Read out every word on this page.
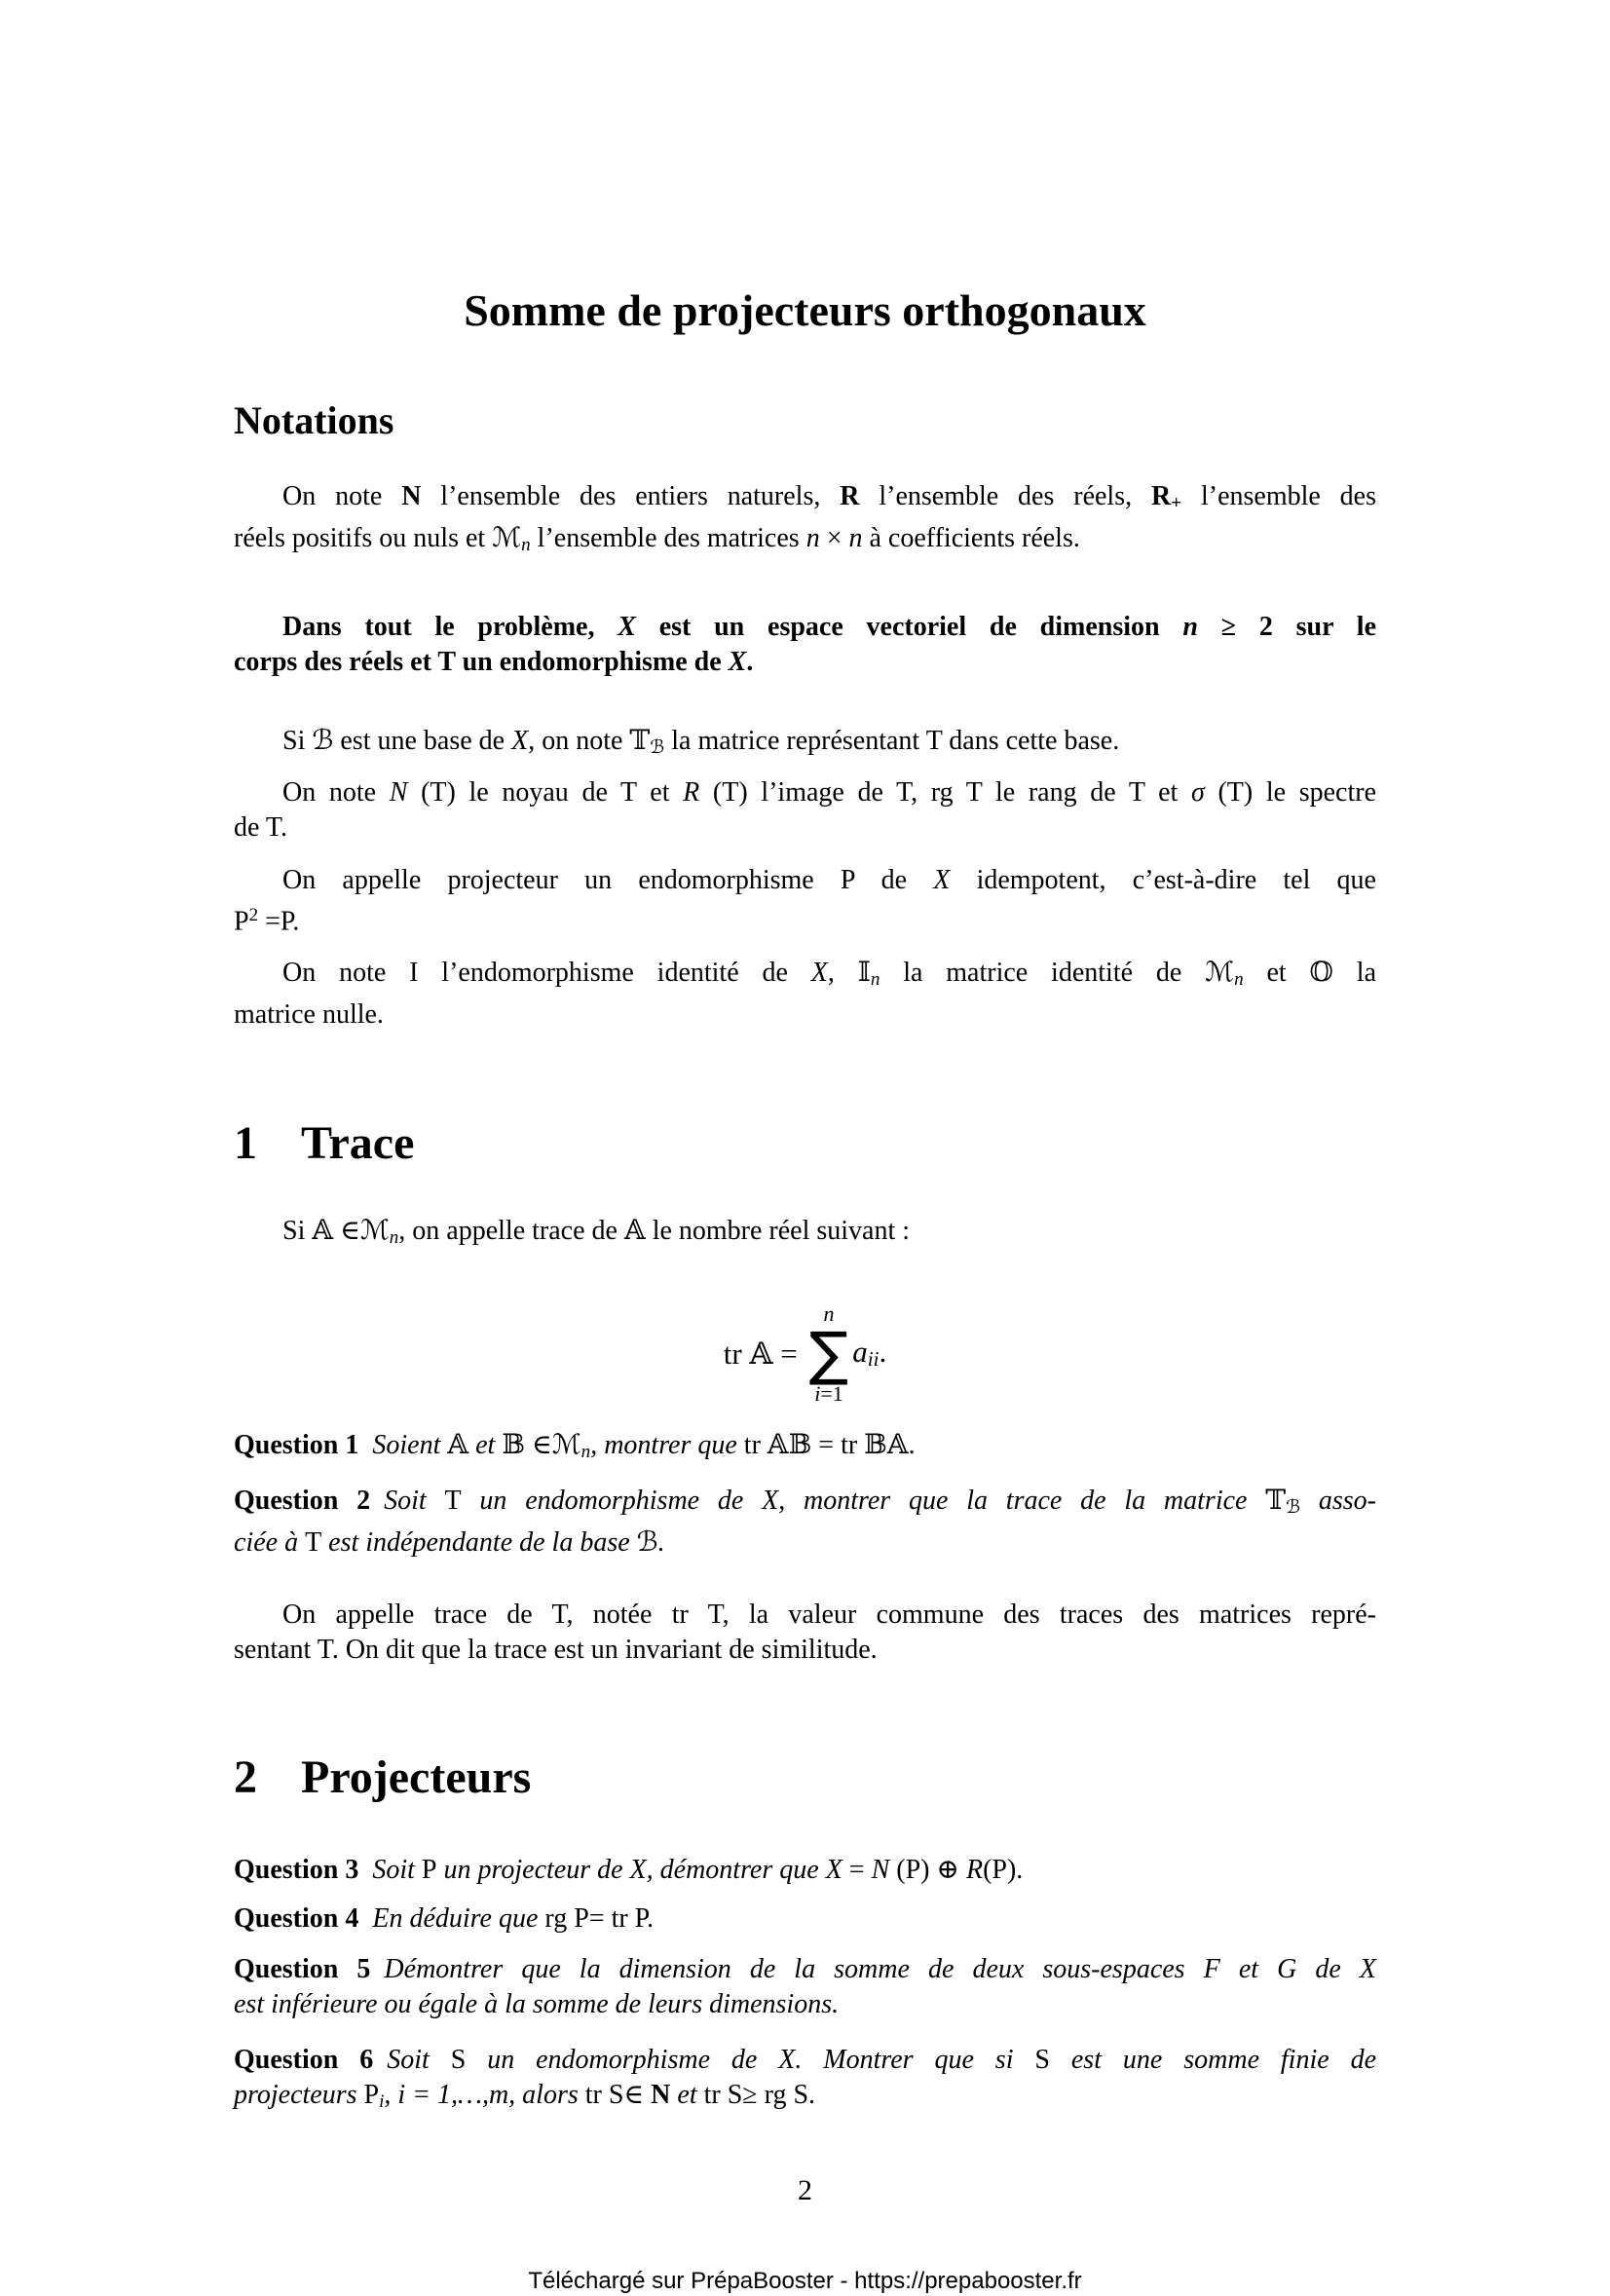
Somme de projecteurs orthogonaux
Notations
On note N l’ensemble des entiers naturels, R l’ensemble des réels, $R_+$ l’ensemble des
réels positifs ou nuls et ℳ$_n$ l’ensemble des matrices n × n à coefficients réels.
Dans tout le problème, X est un espace vectoriel de dimension n ≥ 2 sur le
corps des réels et T un endomorphisme de X.
Si ℬ est une base de X, on note 𝕋$_ℬ$ la matrice représentant T dans cette base.
On note N (T) le noyau de T et R (T) l’image de T, rg T le rang de T et σ (T) le spectre
de T.
On appelle projecteur un endomorphisme P de X idempotent, c’est-à-dire tel que
$P^2 =P$.
On note I l’endomorphisme identité de X, 𝕀$_n$ la matrice identité de ℳ$_n$ et 𝕆 la
matrice nulle.
1 Trace
Si 𝔸 ∈ℳ$_n$, on appelle trace de 𝔸 le nombre réel suivant :
tr 𝔸 =
n
∑
i=1
$a_{ii}$.
Question 1 Soient 𝔸 et 𝔹 ∈ℳ$_n$, montrer que tr 𝔸𝔹 = tr 𝔹𝔸.
Question 2 Soit T un endomorphisme de X, montrer que la trace de la matrice 𝕋$_ℬ$ asso-
ciée à T est indépendante de la base ℬ.
On appelle trace de T, notée tr T, la valeur commune des traces des matrices repré-
sentant T. On dit que la trace est un invariant de similitude.
2 Projecteurs
Question 3 Soit P un projecteur de X, démontrer que X = N (P) ⊕ R(P).
Question 4 En déduire que rg P= tr P.
Question 5 Démontrer que la dimension de la somme de deux sous-espaces F et G de X
est inférieure ou égale à la somme de leurs dimensions.
Question 6 Soit S un endomorphisme de X. Montrer que si S est une somme finie de
projecteurs $P_i$, i = 1,…,m, alors tr S∈ N et tr S≥ rg S.
2
Téléchargé sur PrépaBooster - https://prepabooster.fr
